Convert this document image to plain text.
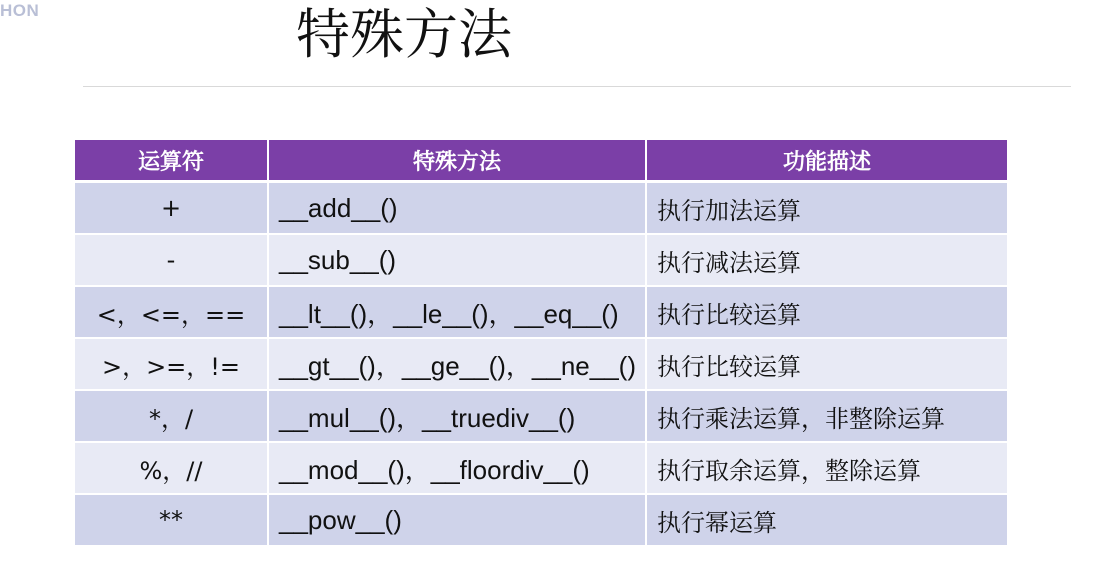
HON	特殊方法
运算符	特殊方法	功能描述
+	__add__()	执行加法运算
-	__sub__()	执行减法运算
<，<=，==	__lt__()，__le__()，__eq__()	执行比较运算
>，>=，!=	__gt__()，__ge__()，__ne__()	执行比较运算
*，/	__mul__()，__truediv__()	执行乘法运算，非整除运算
%，//	__mod__()，__floordiv__()	执行取余运算，整除运算
**	__pow__()	执行幂运算
